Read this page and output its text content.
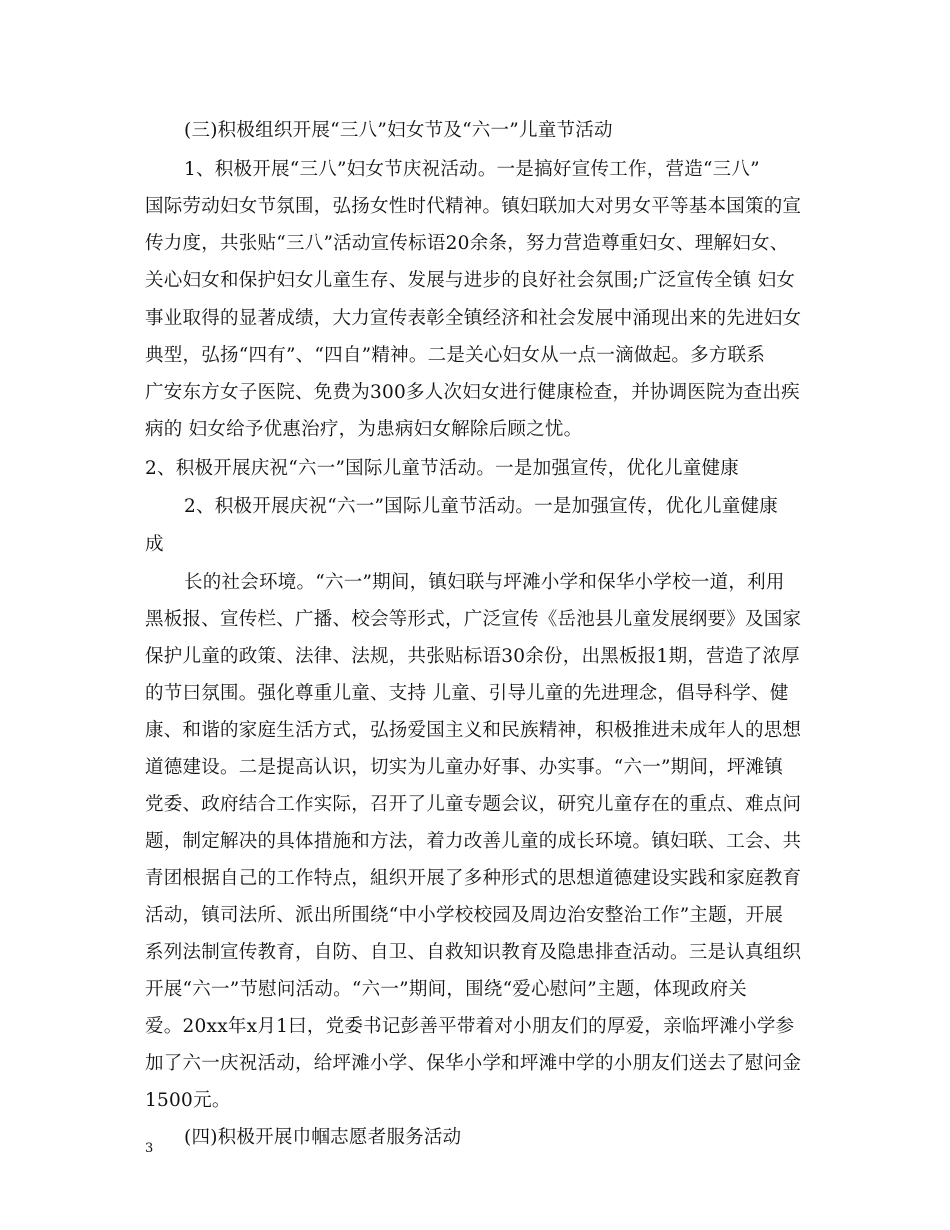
(三)积极组织开展“三八”妇女节及“六一”儿童节活动
1、积极开展“三八”妇女节庆祝活动。一是搞好宣传工作，营造“三八”
国际劳动妇女节氛围，弘扬女性时代精神。镇妇联加大对男女平等基本国策的宣
传力度，共张贴“三八”活动宣传标语20余条，努力营造尊重妇女、理解妇女、
关心妇女和保护妇女儿童生存、发展与进步的良好社会氛围;广泛宣传全镇 妇女
事业取得的显著成绩，大力宣传表彰全镇经济和社会发展中涌现出来的先进妇女
典型，弘扬“四有”、“四自”精神。二是关心妇女从一点一滴做起。多方联系
广安东方女子医院、免费为300多人次妇女进行健康检查，并协调医院为查出疾
病的 妇女给予优惠治疗，为患病妇女解除后顾之忧。
2、积极开展庆祝“六一”国际儿童节活动。一是加强宣传，优化儿童健康
2、积极开展庆祝“六一”国际儿童节活动。一是加强宣传，优化儿童健康
成
长的社会环境。“六一”期间，镇妇联与坪滩小学和保华小学校一道，利用
黑板报、宣传栏、广播、校会等形式，广泛宣传《岳池县儿童发展纲要》及国家
保护儿童的政策、法律、法规，共张贴标语30余份，出黑板报1期，营造了浓厚
的节曰氛围。强化尊重儿童、支持 儿童、引导儿童的先进理念，倡导科学、健
康、和谐的家庭生活方式，弘扬爱国主义和民族精神，积极推进未成年人的思想
道德建设。二是提高认识，切实为儿童办好事、办实事。“六一”期间，坪滩镇
党委、政府结合工作实际，召开了儿童专题会议，研究儿童存在的重点、难点问
题，制定解决的具体措施和方法，着力改善儿童的成长环境。镇妇联、工会、共
青团根据自己的工作特点，組织开展了多种形式的思想道德建设实践和家庭教育
活动，镇司法所、派出所围绕“中小学校校园及周边治安整治工作”主题，开展
系列法制宣传教育，自防、自卫、自救知识教育及隐患排查活动。三是认真组织
开展“六一”节慰问活动。“六一”期间，围绕“爱心慰问”主题，体现政府关
爱。20xx年x月1曰，党委书记彭善平带着对小朋友们的厚爱，亲临坪滩小学参
加了六一庆祝活动，给坪滩小学、保华小学和坪滩中学的小朋友们送去了慰问金
1500元。
(四)积极开展巾帼志愿者服务活动
3
